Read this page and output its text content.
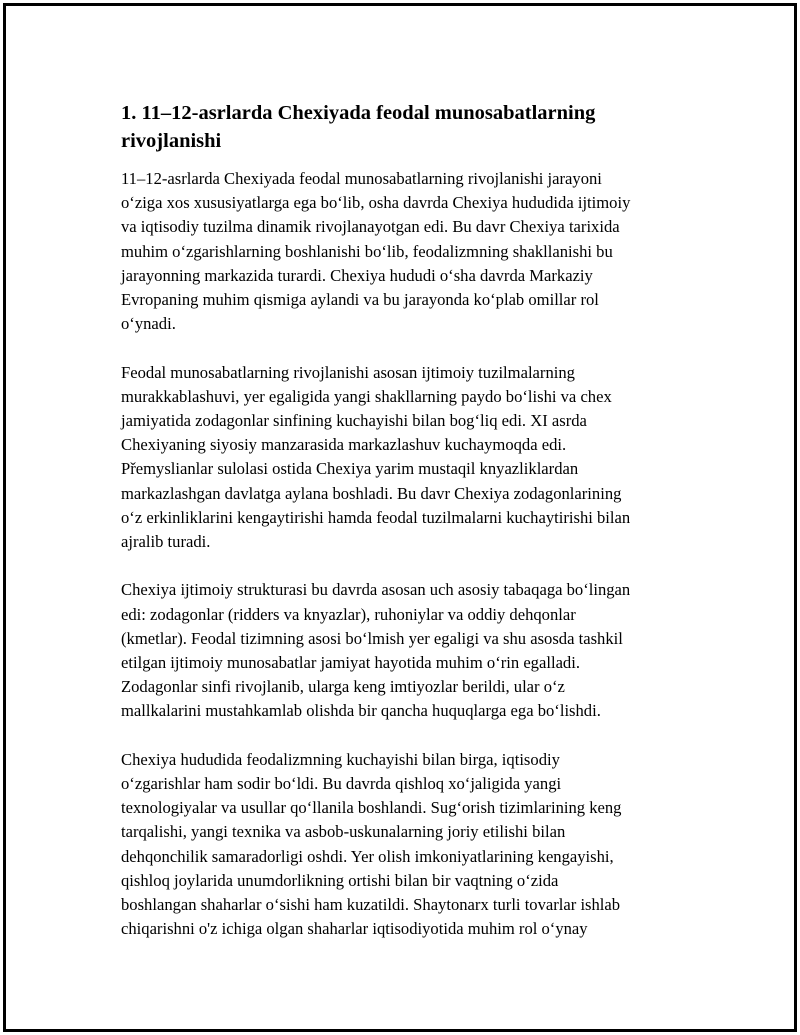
1. 11–12-asrlarda Chexiyada feodal munosabatlarning
rivojlanishi

11–12-asrlarda Chexiyada feodal munosabatlarning rivojlanishi jarayoni
o‘ziga xos xususiyatlarga ega bo‘lib, osha davrda Chexiya hududida ijtimoiy
va iqtisodiy tuzilma dinamik rivojlanayotgan edi. Bu davr Chexiya tarixida
muhim o‘zgarishlarning boshlanishi bo‘lib, feodalizmning shakllanishi bu
jarayonning markazida turardi. Chexiya hududi o‘sha davrda Markaziy
Evropaning muhim qismiga aylandi va bu jarayonda ko‘plab omillar rol
o‘ynadi.

Feodal munosabatlarning rivojlanishi asosan ijtimoiy tuzilmalarning
murakkablashuvi, yer egaligida yangi shakllarning paydo bo‘lishi va chex
jamiyatida zodagonlar sinfining kuchayishi bilan bog‘liq edi. XI asrda
Chexiyaning siyosiy manzarasida markazlashuv kuchaymoqda edi.
Přemyslianlar sulolasi ostida Chexiya yarim mustaqil knyazliklardan
markazlashgan davlatga aylana boshladi. Bu davr Chexiya zodagonlarining
o‘z erkinliklarini kengaytirishi hamda feodal tuzilmalarni kuchaytirishi bilan
ajralib turadi.

Chexiya ijtimoiy strukturasi bu davrda asosan uch asosiy tabaqaga bo‘lingan
edi: zodagonlar (ridders va knyazlar), ruhoniylar va oddiy dehqonlar
(kmetlar). Feodal tizimning asosi bo‘lmish yer egaligi va shu asosda tashkil
etilgan ijtimoiy munosabatlar jamiyat hayotida muhim o‘rin egalladi.
Zodagonlar sinfi rivojlanib, ularga keng imtiyozlar berildi, ular o‘z
mallkalarini mustahkamlab olishda bir qancha huquqlarga ega bo‘lishdi.

Chexiya hududida feodalizmning kuchayishi bilan birga, iqtisodiy
o‘zgarishlar ham sodir bo‘ldi. Bu davrda qishloq xo‘jaligida yangi
texnologiyalar va usullar qo‘llanila boshlandi. Sug‘orish tizimlarining keng
tarqalishi, yangi texnika va asbob-uskunalarning joriy etilishi bilan
dehqonchilik samaradorligi oshdi. Yer olish imkoniyatlarining kengayishi,
qishloq joylarida unumdorlikning ortishi bilan bir vaqtning o‘zida
boshlangan shaharlar o‘sishi ham kuzatildi. Shaytonarx turli tovarlar ishlab
chiqarishni o'z ichiga olgan shaharlar iqtisodiyotida muhim rol o‘ynay
